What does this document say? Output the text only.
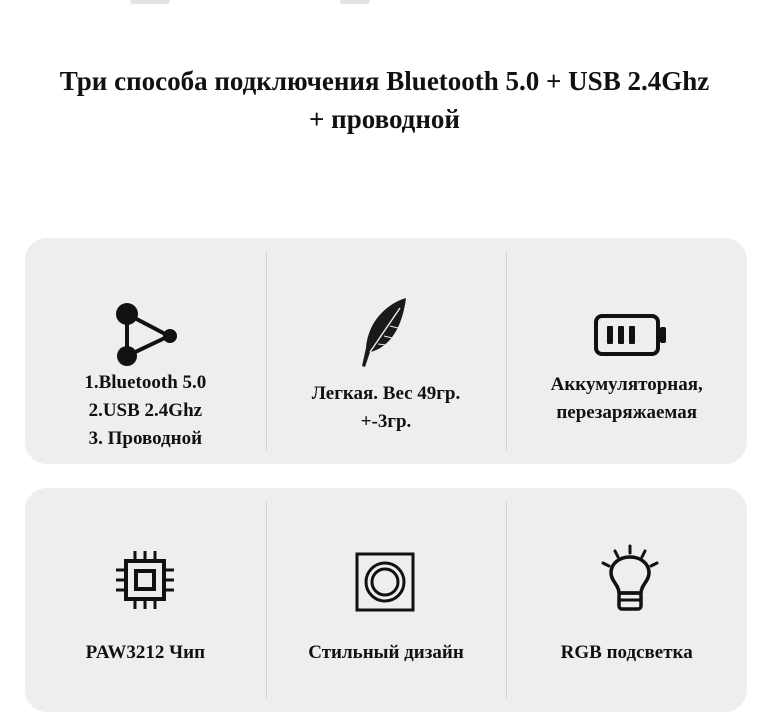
Три способа подключения Bluetooth 5.0 + USB 2.4Ghz
+ проводной
1.Bluetooth 5.0
2.USB 2.4Ghz
3. Проводной
Легкая. Вес 49гр.
+-3гр.
Аккумуляторная,
перезаряжаемая
PAW3212 Чип	Стильный дизайн	RGB подсветка
